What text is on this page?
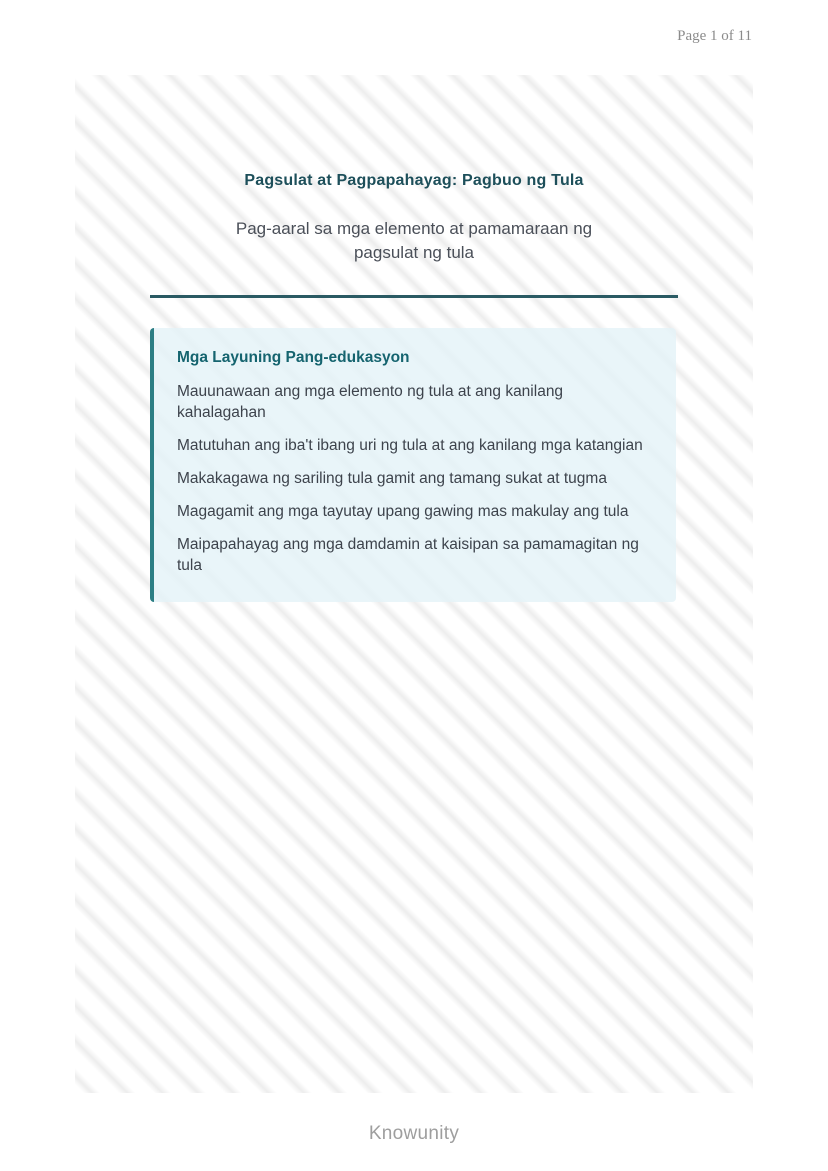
Page 1 of 11
Pagsulat at Pagpapahayag: Pagbuo ng Tula

Pag-aaral sa mga elemento at pamamaraan ng pagsulat ng tula

Mga Layuning Pang-edukasyon

Mauunawaan ang mga elemento ng tula at ang kanilang kahalagahan

Matutuhan ang iba't ibang uri ng tula at ang kanilang mga katangian

Makakagawa ng sariling tula gamit ang tamang sukat at tugma

Magagamit ang mga tayutay upang gawing mas makulay ang tula

Maipapahayag ang mga damdamin at kaisipan sa pamamagitan ng tula

Knowunity
